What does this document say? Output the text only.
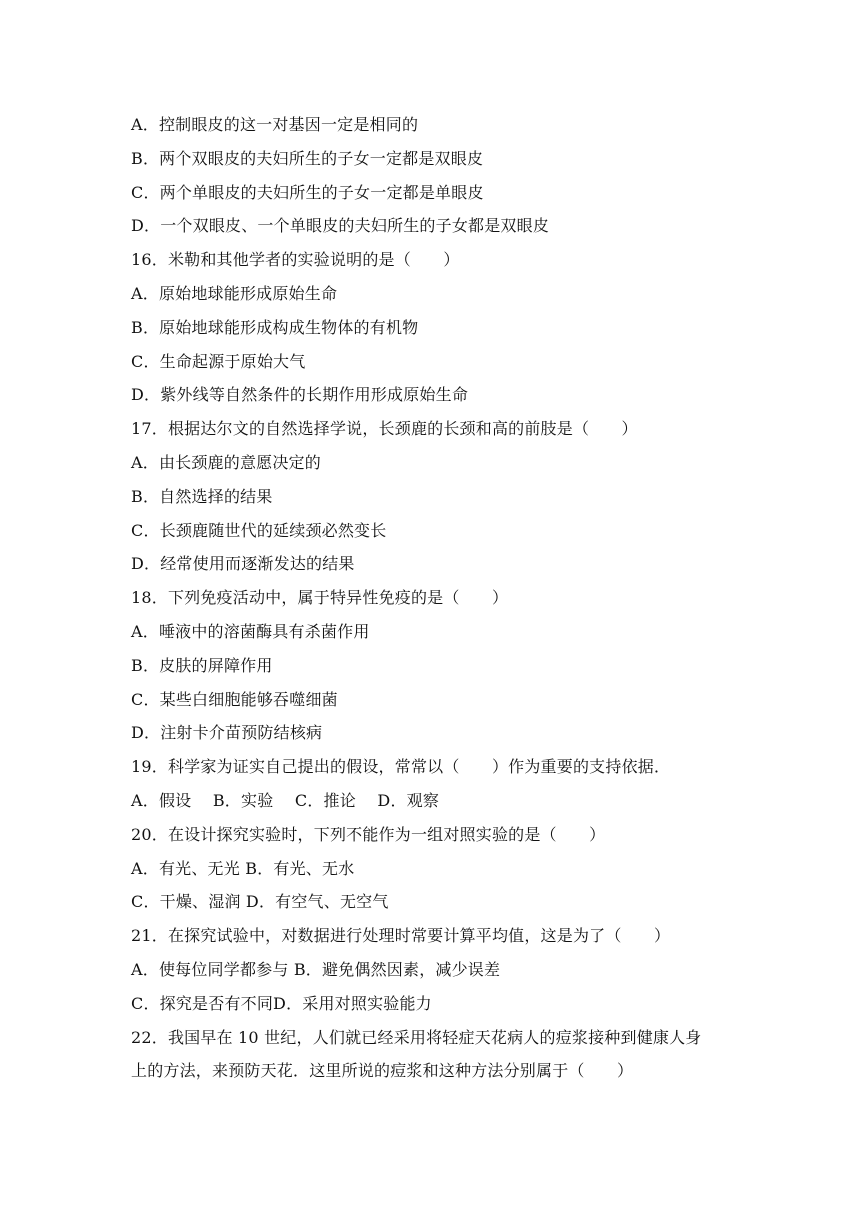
A．控制眼皮的这一对基因一定是相同的
B．两个双眼皮的夫妇所生的子女一定都是双眼皮
C．两个单眼皮的夫妇所生的子女一定都是单眼皮
D．一个双眼皮、一个单眼皮的夫妇所生的子女都是双眼皮
16．米勒和其他学者的实验说明的是（　　）
A．原始地球能形成原始生命
B．原始地球能形成构成生物体的有机物
C．生命起源于原始大气
D．紫外线等自然条件的长期作用形成原始生命
17．根据达尔文的自然选择学说，长颈鹿的长颈和高的前肢是（　　）
A．由长颈鹿的意愿决定的
B．自然选择的结果
C．长颈鹿随世代的延续颈必然变长
D．经常使用而逐渐发达的结果
18．下列免疫活动中，属于特异性免疫的是（　　）
A．唾液中的溶菌酶具有杀菌作用
B．皮肤的屏障作用
C．某些白细胞能够吞噬细菌
D．注射卡介苗预防结核病
19．科学家为证实自己提出的假设，常常以（　　）作为重要的支持依据．
A．假设　 B．实验　 C．推论　 D．观察
20．在设计探究实验时，下列不能作为一组对照实验的是（　　）
A．有光、无光 B．有光、无水
C．干燥、湿润 D．有空气、无空气
21．在探究试验中，对数据进行处理时常要计算平均值，这是为了（　　）
A．使每位同学都参与 B．避免偶然因素，减少误差
C．探究是否有不同D．采用对照实验能力
22．我国早在 10 世纪，人们就已经采用将轻症天花病人的痘浆接种到健康人身
上的方法，来预防天花．这里所说的痘浆和这种方法分别属于（　　）
